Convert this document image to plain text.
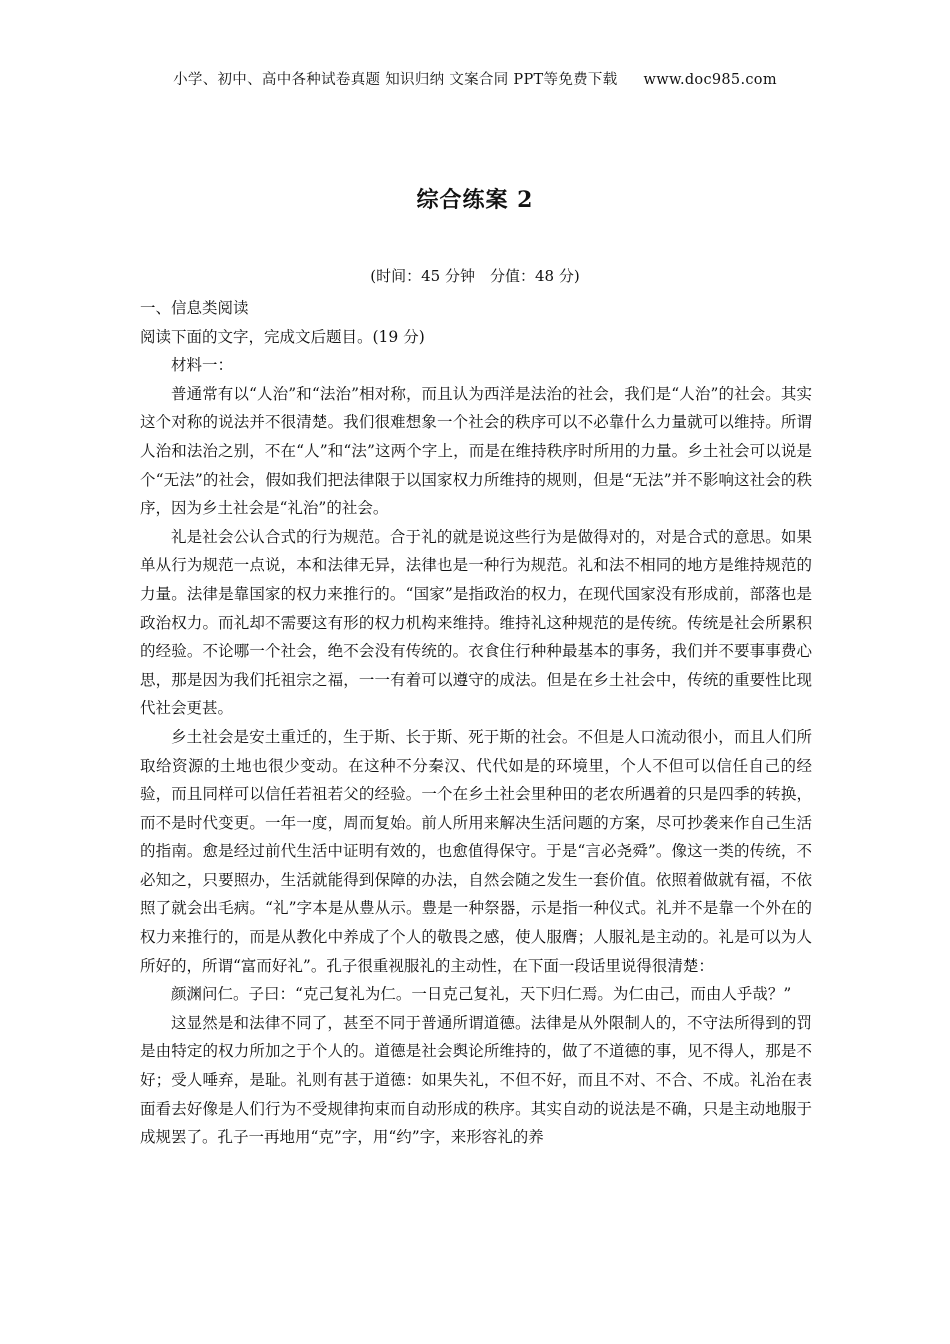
小学、初中、高中各种试卷真题 知识归纳 文案合同 PPT等免费下载 www.doc985.com
综合练案 2
(时间：45 分钟　分值：48 分)

一、信息类阅读

阅读下面的文字，完成文后题目。(19 分)

材料一：

普通常有以“人治”和“法治”相对称，而且认为西洋是法治的社会，我们是“人治”的社会。其实这个对称的说法并不很清楚。我们很难想象一个社会的秩序可以不必靠什么力量就可以维持。所谓人治和法治之别，不在“人”和“法”这两个字上，而是在维持秩序时所用的力量。乡土社会可以说是个“无法”的社会，假如我们把法律限于以国家权力所维持的规则，但是“无法”并不影响这社会的秩序，因为乡土社会是“礼治”的社会。

礼是社会公认合式的行为规范。合于礼的就是说这些行为是做得对的，对是合式的意思。如果单从行为规范一点说，本和法律无异，法律也是一种行为规范。礼和法不相同的地方是维持规范的力量。法律是靠国家的权力来推行的。“国家”是指政治的权力，在现代国家没有形成前，部落也是政治权力。而礼却不需要这有形的权力机构来维持。维持礼这种规范的是传统。传统是社会所累积的经验。不论哪一个社会，绝不会没有传统的。衣食住行种种最基本的事务，我们并不要事事费心思，那是因为我们托祖宗之福，一一有着可以遵守的成法。但是在乡土社会中，传统的重要性比现代社会更甚。

乡土社会是安土重迁的，生于斯、长于斯、死于斯的社会。不但是人口流动很小，而且人们所取给资源的土地也很少变动。在这种不分秦汉、代代如是的环境里，个人不但可以信任自己的经验，而且同样可以信任若祖若父的经验。一个在乡土社会里种田的老农所遇着的只是四季的转换，而不是时代变更。一年一度，周而复始。前人所用来解决生活问题的方案，尽可抄袭来作自己生活的指南。愈是经过前代生活中证明有效的，也愈值得保守。于是“言必尧舜”。像这一类的传统，不必知之，只要照办，生活就能得到保障的办法，自然会随之发生一套价值。依照着做就有福，不依照了就会出毛病。“礼”字本是从豊从示。豊是一种祭器，示是指一种仪式。礼并不是靠一个外在的权力来推行的，而是从教化中养成了个人的敬畏之感，使人服膺；人服礼是主动的。礼是可以为人所好的，所谓“富而好礼”。孔子很重视服礼的主动性，在下面一段话里说得很清楚：

颜渊问仁。子曰：“克己复礼为仁。一日克己复礼，天下归仁焉。为仁由己，而由人乎哉？”

这显然是和法律不同了，甚至不同于普通所谓道德。法律是从外限制人的，不守法所得到的罚是由特定的权力所加之于个人的。道德是社会舆论所维持的，做了不道德的事，见不得人，那是不好；受人唾弃，是耻。礼则有甚于道德：如果失礼，不但不好，而且不对、不合、不成。礼治在表面看去好像是人们行为不受规律拘束而自动形成的秩序。其实自动的说法是不确，只是主动地服于成规罢了。孔子一再地用“克”字，用“约”字，来形容礼的养
